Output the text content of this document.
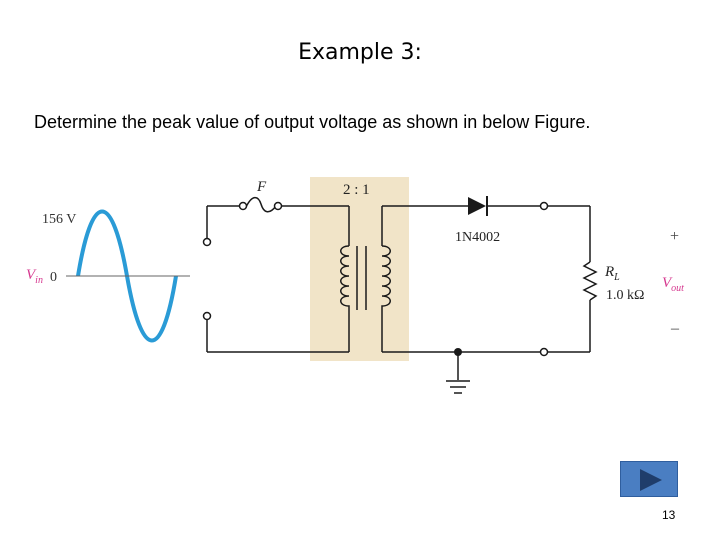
Example 3:
Determine the peak value of output voltage as shown in below Figure.
156 V
0
$V_{in}$
F	2 : 1
1N4002
$R_L$
1.0 kΩ
+
$V_{out}$
–
13
